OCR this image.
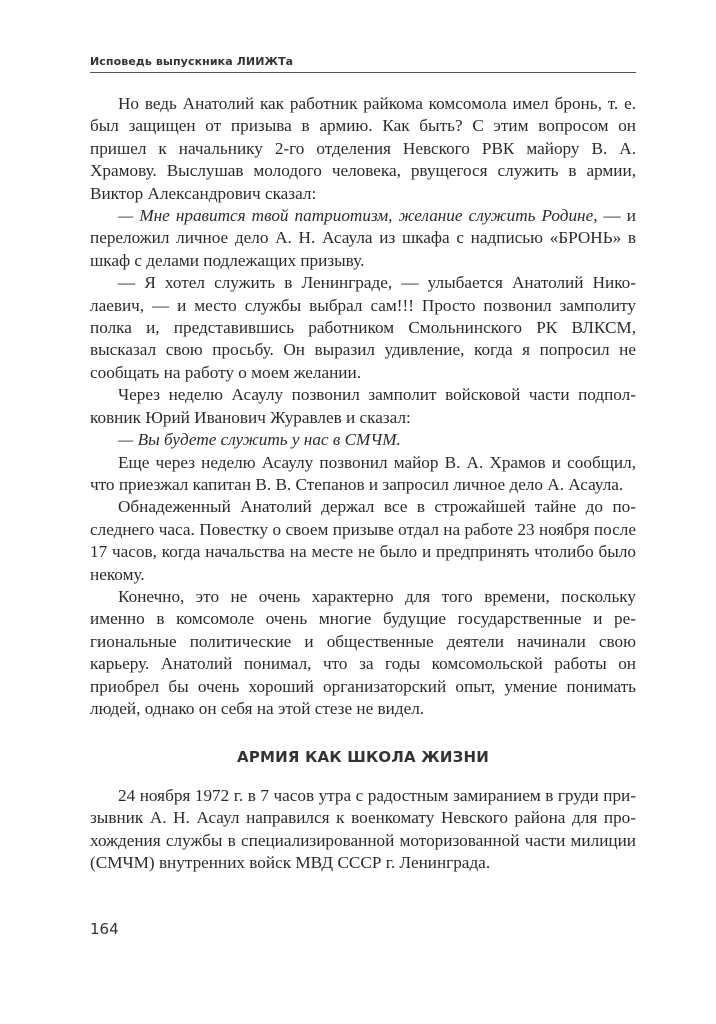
Исповедь выпускника ЛИИЖТа

Но ведь Анатолий как работник райкома комсомола имел бронь, т. е. был защищен от призыва в армию. Как быть? С этим вопросом он пришел к начальнику 2-го отделения Невского РВК майору В. А. Храмову. Выслушав молодого человека, рвущегося служить в армии, Виктор Александрович сказал:

— Мне нравится твой патриотизм, желание служить Родине, — и переложил личное дело А. Н. Асаула из шкафа с надписью «БРОНЬ» в шкаф с делами подлежащих призыву.

— Я хотел служить в Ленинграде, — улыбается Анатолий Николаевич, — и место службы выбрал сам!!! Просто позвонил замполиту полка и, представившись работником Смольнинского РК ВЛКСМ, высказал свою просьбу. Он выразил удивление, когда я попросил не сообщать на работу о моем желании.

Через неделю Асаулу позвонил замполит войсковой части подполковник Юрий Иванович Журавлев и сказал:

— Вы будете служить у нас в СМЧМ.

Еще через неделю Асаулу позвонил майор В. А. Храмов и сообщил, что приезжал капитан В. В. Степанов и запросил личное дело А. Асаула.

Обнадеженный Анатолий держал все в строжайшей тайне до последнего часа. Повестку о своем призыве отдал на работе 23 ноября после 17 часов, когда начальства на месте не было и предпринять чтолибо было некому.

Конечно, это не очень характерно для того времени, поскольку именно в комсомоле очень многие будущие государственные и региональные политические и общественные деятели начинали свою карьеру. Анатолий понимал, что за годы комсомольской работы он приобрел бы очень хороший организаторский опыт, умение понимать людей, однако он себя на этой стезе не видел.

АРМИЯ КАК ШКОЛА ЖИЗНИ

24 ноября 1972 г. в 7 часов утра с радостным замиранием в груди призывник А. Н. Асаул направился к военкомату Невского района для прохождения службы в специализированной моторизованной части милиции (СМЧМ) внутренних войск МВД СССР г. Ленинграда.

164
